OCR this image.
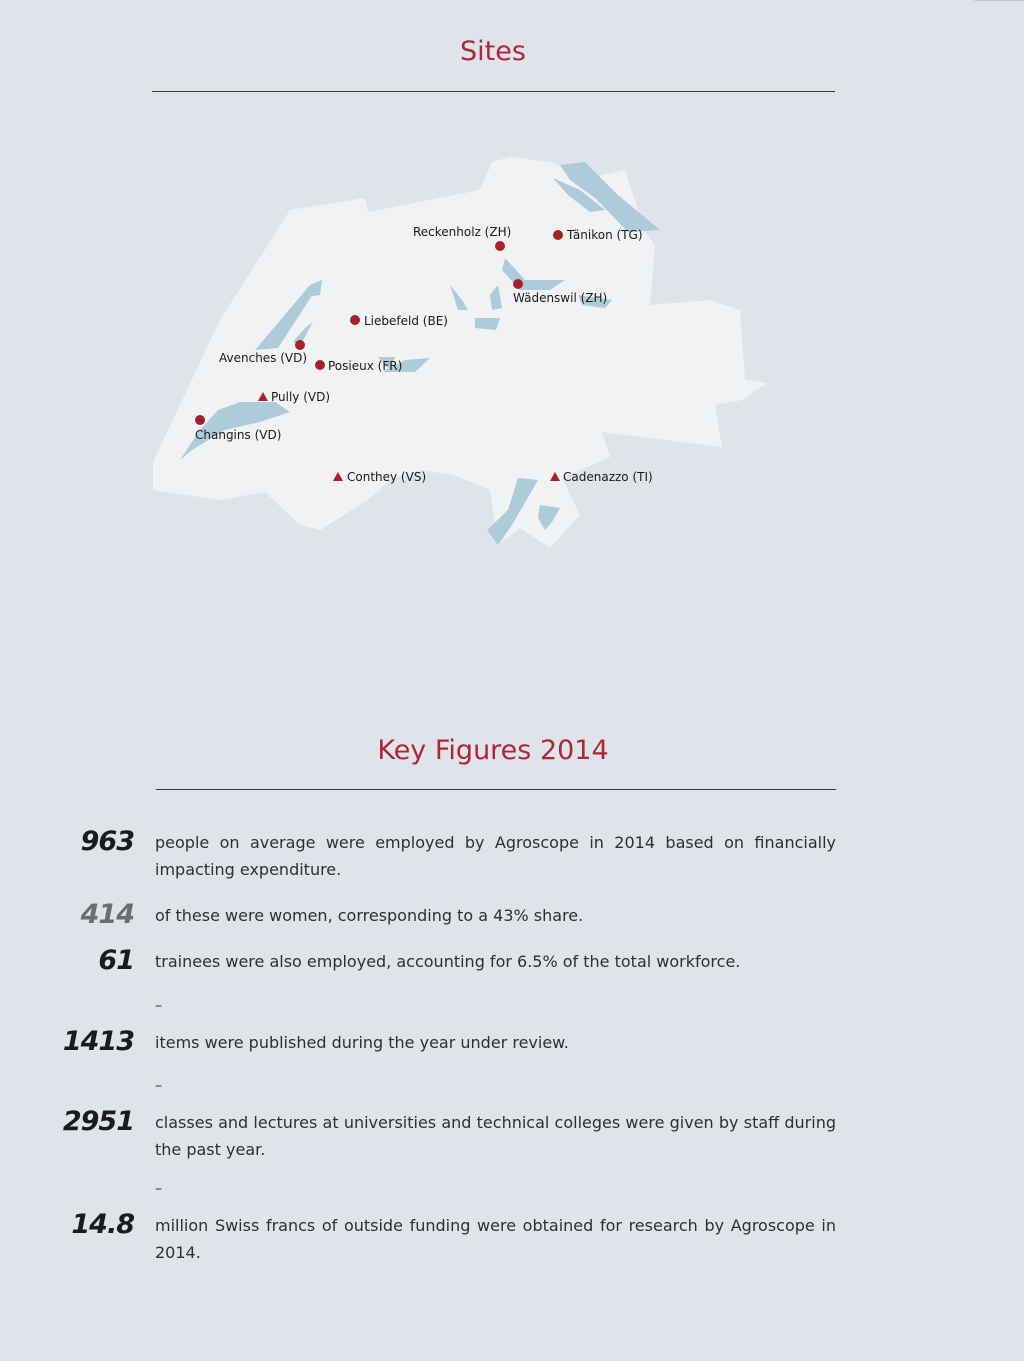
Sites
Reckenholz (ZH)	Tänikon (TG)
Wädenswil (ZH)
Liebefeld (BE)
Avenches (VD)
Posieux (FR)
Pully (VD)
Changins (VD)
Conthey (VS)	Cadenazzo (TI)
Key Figures 2014
963 people on average were employed by Agroscope in 2014 based on financially impacting expenditure.
414 of these were women, corresponding to a 43% share.
61 trainees were also employed, accounting for 6.5% of the total workforce.
–
1413 items were published during the year under review.
–
2951 classes and lectures at universities and technical colleges were given by staff during the past year.
–
14.8 million Swiss francs of outside funding were obtained for research by Agroscope in 2014.
